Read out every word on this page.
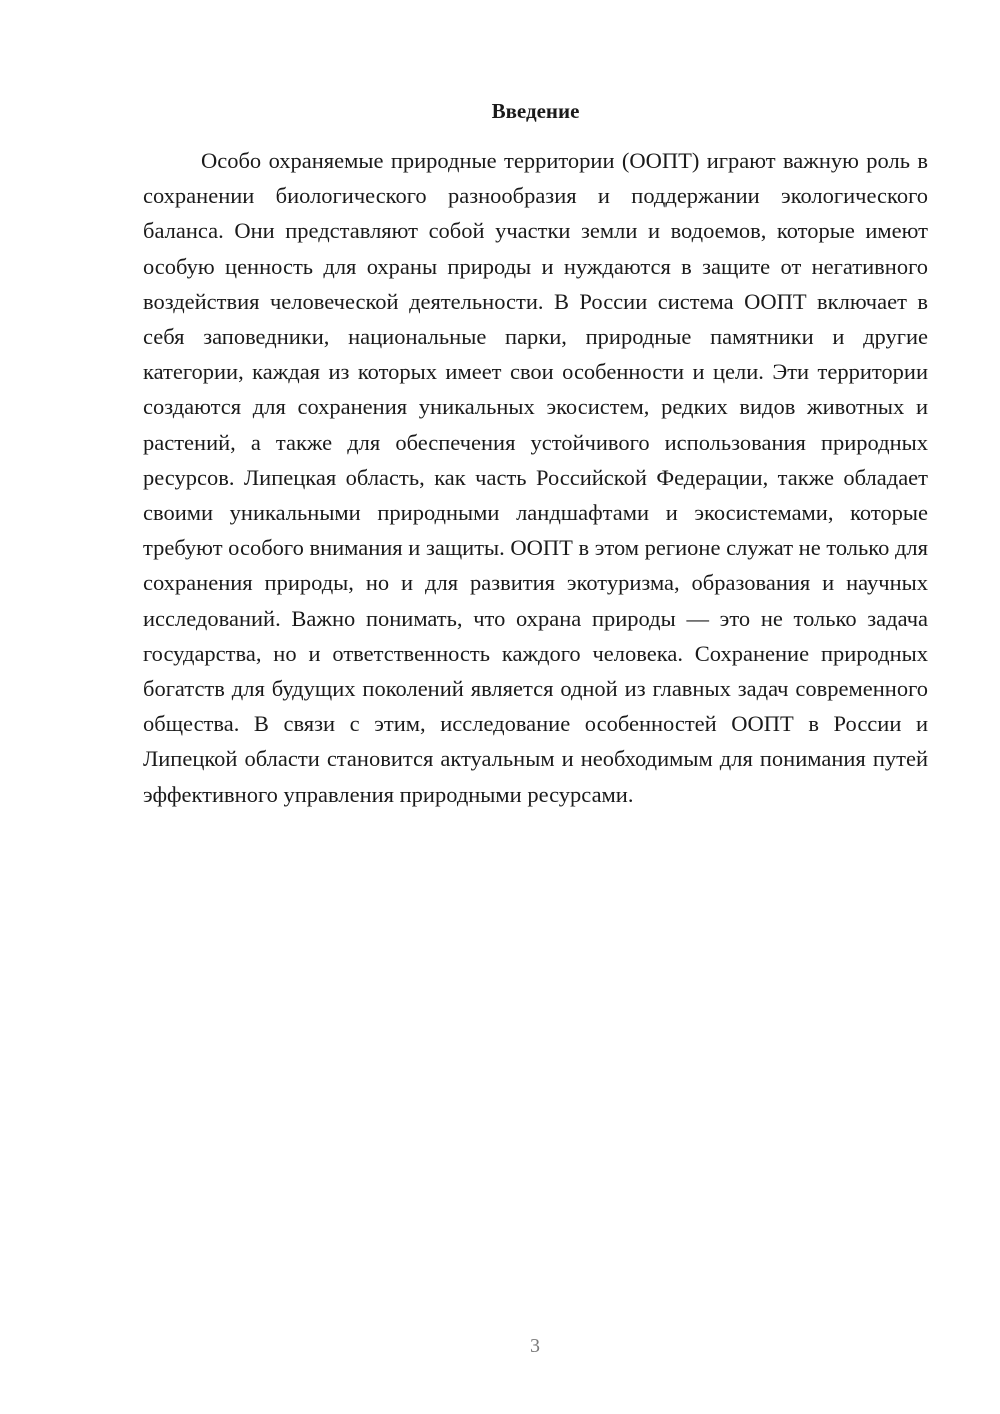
Введение

Особо охраняемые природные территории (ООПТ) играют важную роль в сохранении биологического разнообразия и поддержании экологического баланса. Они представляют собой участки земли и водоемов, которые имеют особую ценность для охраны природы и нуждаются в защите от негативного воздействия человеческой деятельности. В России система ООПТ включает в себя заповедники, национальные парки, природные памятники и другие категории, каждая из которых имеет свои особенности и цели. Эти территории создаются для сохранения уникальных экосистем, редких видов животных и растений, а также для обеспечения устойчивого использования природных ресурсов. Липецкая область, как часть Российской Федерации, также обладает своими уникальными природными ландшафтами и экосистемами, которые требуют особого внимания и защиты. ООПТ в этом регионе служат не только для сохранения природы, но и для развития экотуризма, образования и научных исследований. Важно понимать, что охрана природы — это не только задача государства, но и ответственность каждого человека. Сохранение природных богатств для будущих поколений является одной из главных задач современного общества. В связи с этим, исследование особенностей ООПТ в России и Липецкой области становится актуальным и необходимым для понимания путей эффективного управления природными ресурсами.

3
